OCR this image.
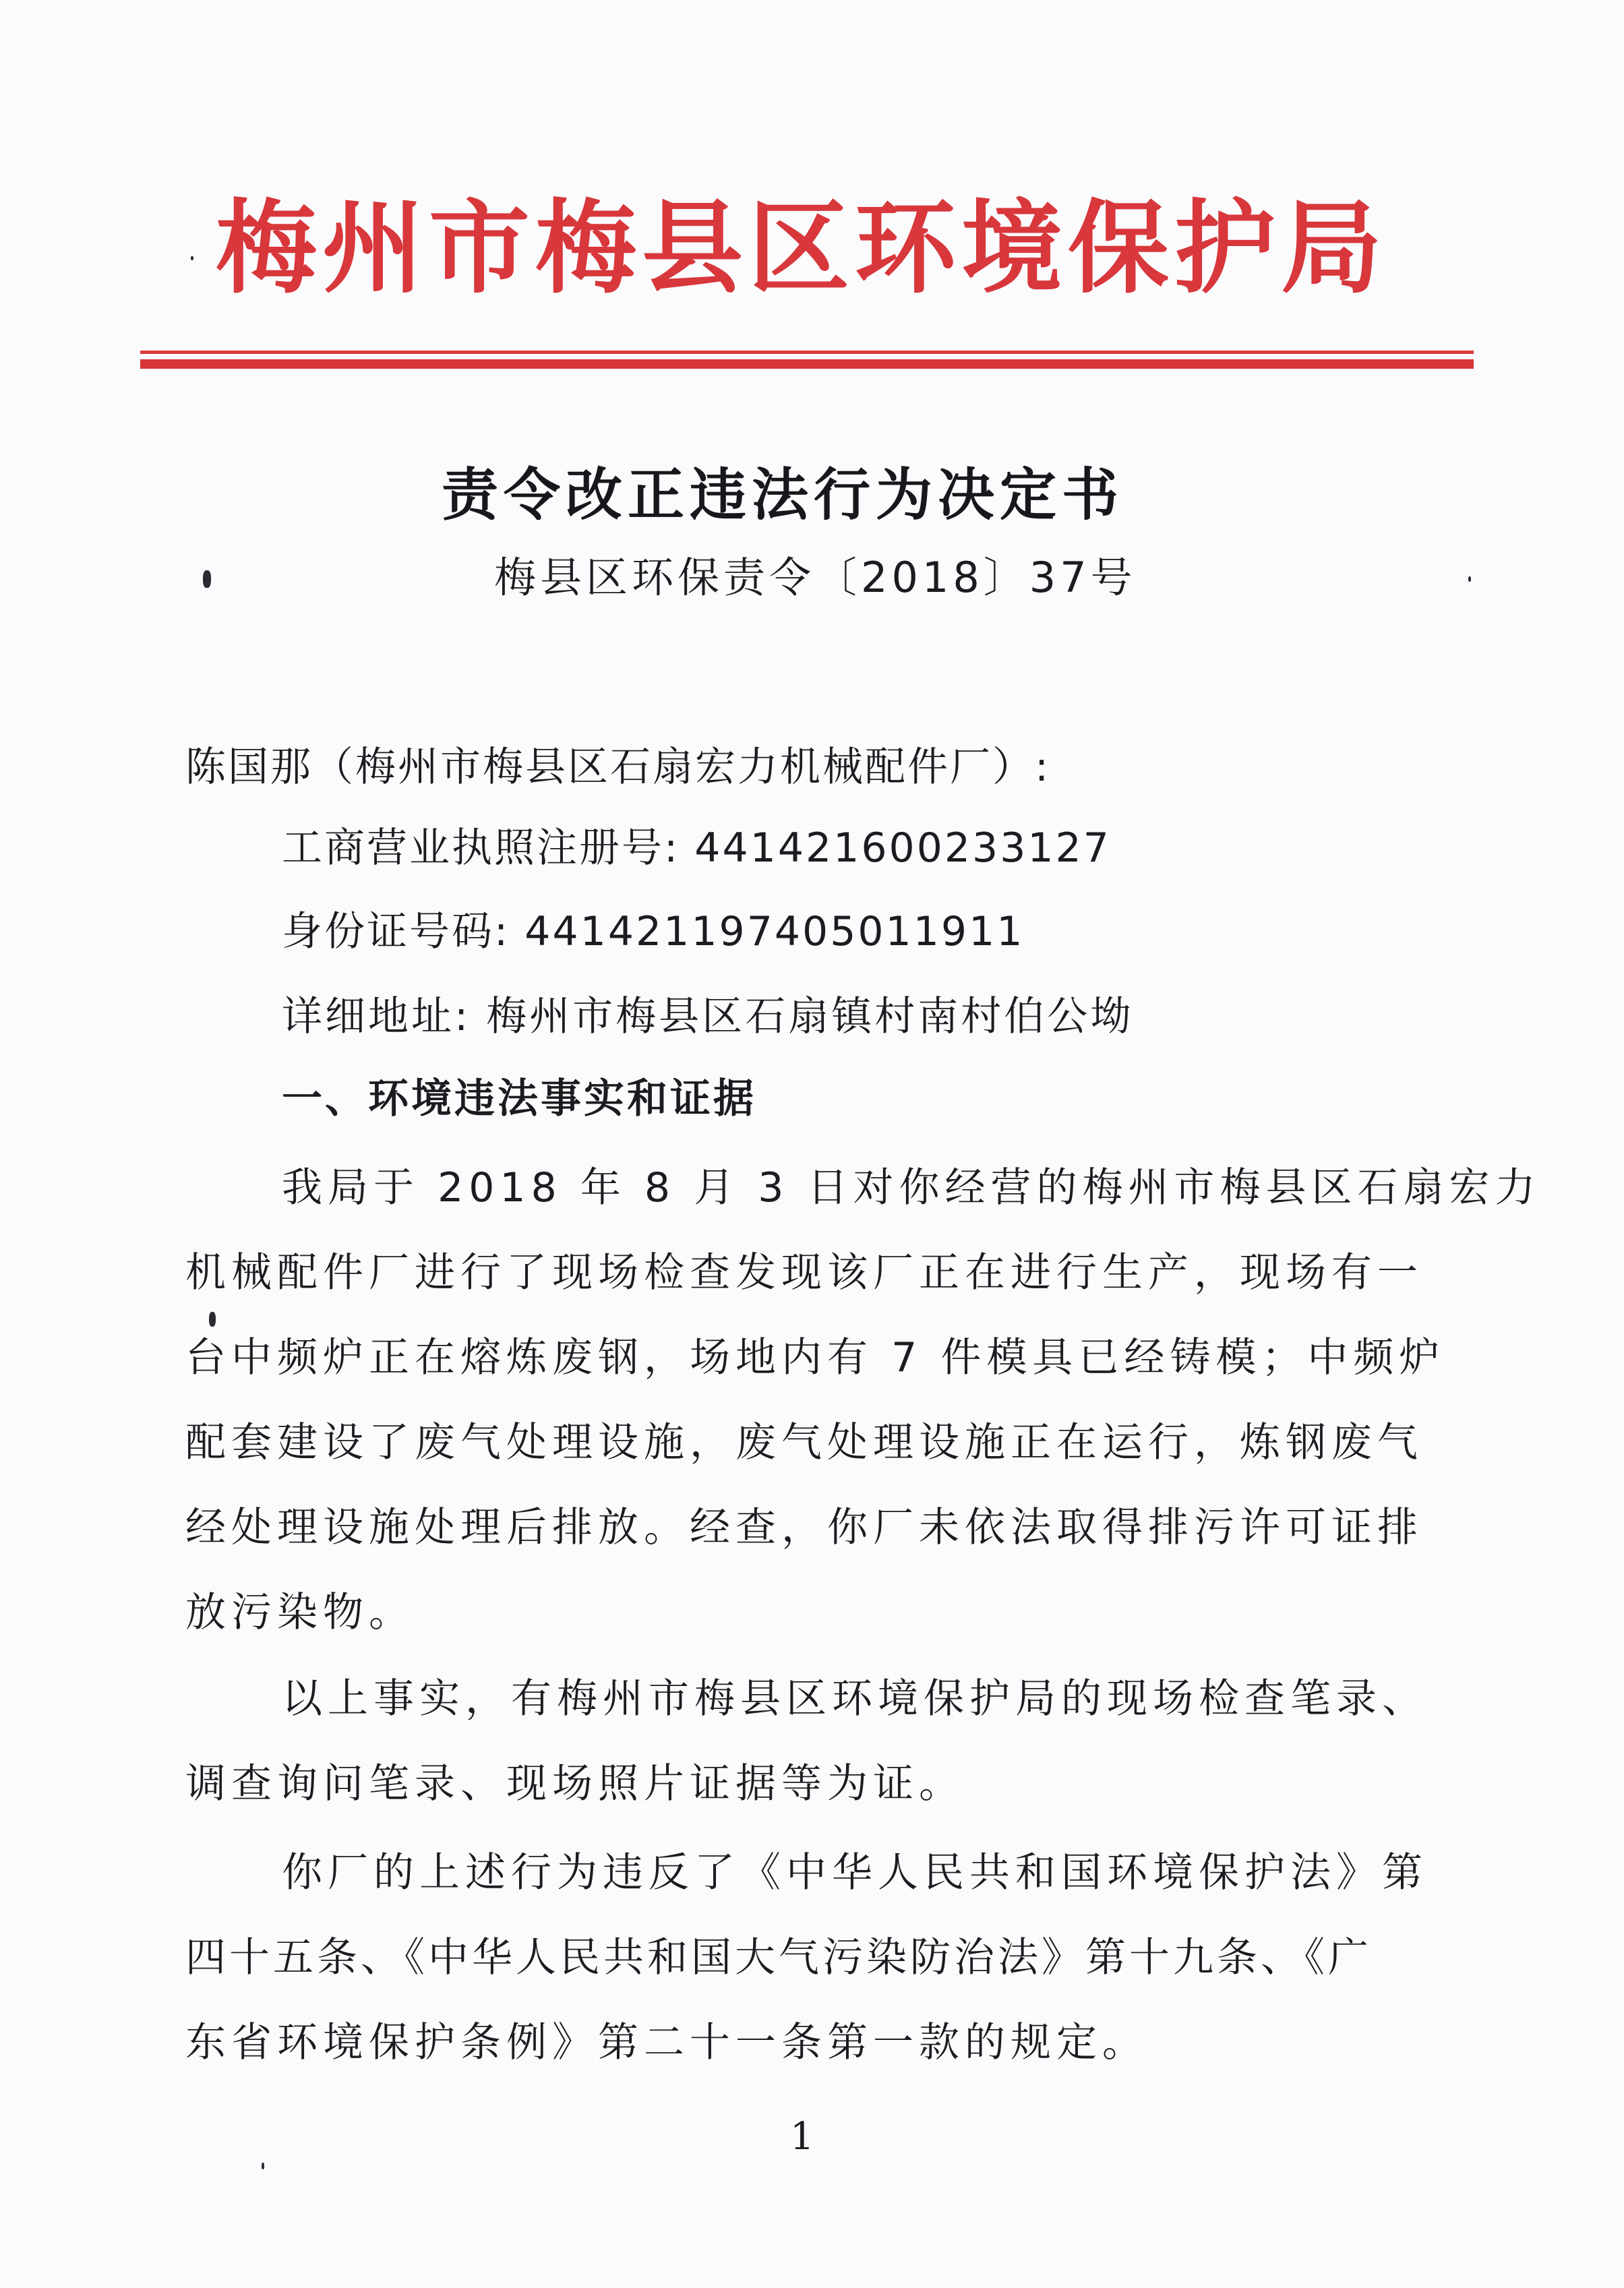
梅州市梅县区环境保护局
责令改正违法行为决定书
梅县区环保责令〔2018〕37号
陈国那（梅州市梅县区石扇宏力机械配件厂）:
工商营业执照注册号: 441421600233127
身份证号码: 441421197405011911
详细地址: 梅州市梅县区石扇镇村南村伯公坳
一、环境违法事实和证据
我局于 2018 年 8 月 3 日对你经营的梅州市梅县区石扇宏力
机械配件厂进行了现场检查发现该厂正在进行生产，现场有一
台中频炉正在熔炼废钢，场地内有 7 件模具已经铸模；中频炉
配套建设了废气处理设施，废气处理设施正在运行，炼钢废气
经处理设施处理后排放。经查，你厂未依法取得排污许可证排
放污染物。
以上事实，有梅州市梅县区环境保护局的现场检查笔录、
调查询问笔录、现场照片证据等为证。
你厂的上述行为违反了《中华人民共和国环境保护法》第
四十五条、《中华人民共和国大气污染防治法》第十九条、《广
东省环境保护条例》第二十一条第一款的规定。
1
